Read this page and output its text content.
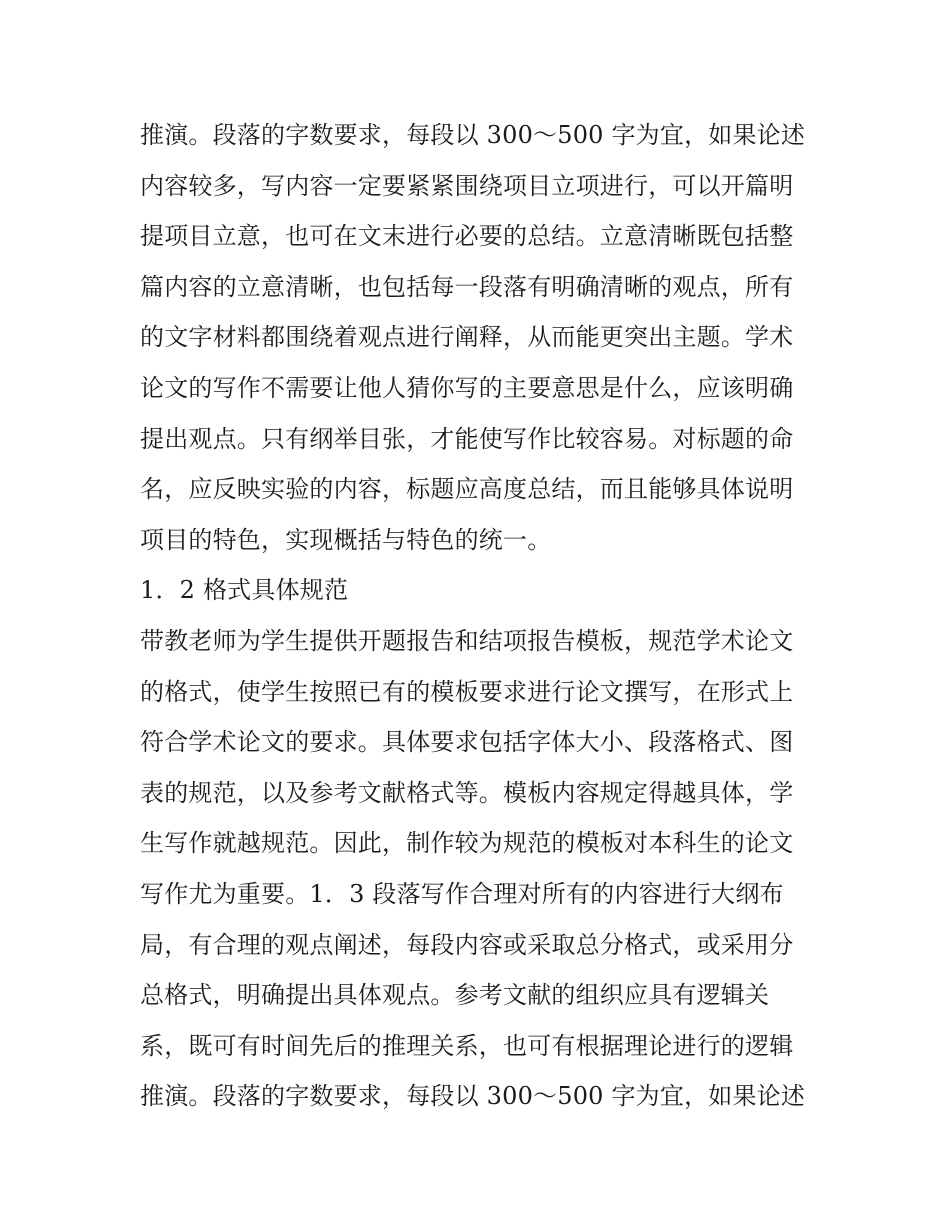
推演。段落的字数要求，每段以 300～500 字为宜，如果论述
内容较多，写内容一定要紧紧围绕项目立项进行，可以开篇明
提项目立意，也可在文末进行必要的总结。立意清晰既包括整
篇内容的立意清晰，也包括每一段落有明确清晰的观点，所有
的文字材料都围绕着观点进行阐释，从而能更突出主题。学术
论文的写作不需要让他人猜你写的主要意思是什么，应该明确
提出观点。只有纲举目张，才能使写作比较容易。对标题的命
名，应反映实验的内容，标题应高度总结，而且能够具体说明
项目的特色，实现概括与特色的统一。
1．2 格式具体规范
带教老师为学生提供开题报告和结项报告模板，规范学术论文
的格式，使学生按照已有的模板要求进行论文撰写，在形式上
符合学术论文的要求。具体要求包括字体大小、段落格式、图
表的规范，以及参考文献格式等。模板内容规定得越具体，学
生写作就越规范。因此，制作较为规范的模板对本科生的论文
写作尤为重要。1．3 段落写作合理对所有的内容进行大纲布
局，有合理的观点阐述，每段内容或采取总分格式，或采用分
总格式，明确提出具体观点。参考文献的组织应具有逻辑关
系，既可有时间先后的推理关系，也可有根据理论进行的逻辑
推演。段落的字数要求，每段以 300～500 字为宜，如果论述
